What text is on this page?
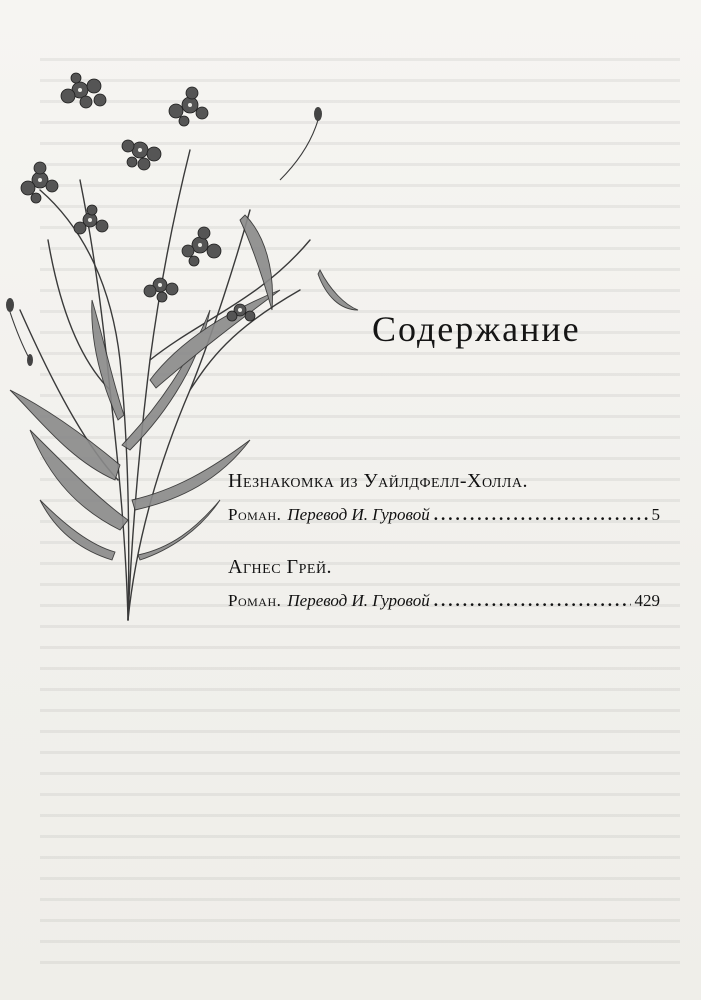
Содержание
Незнакомка из Уайлдфелл-Холла.
Роман. Перевод И. Гуровой .....	5
Агнес Грей.
Роман. Перевод И. Гуровой .....	429
